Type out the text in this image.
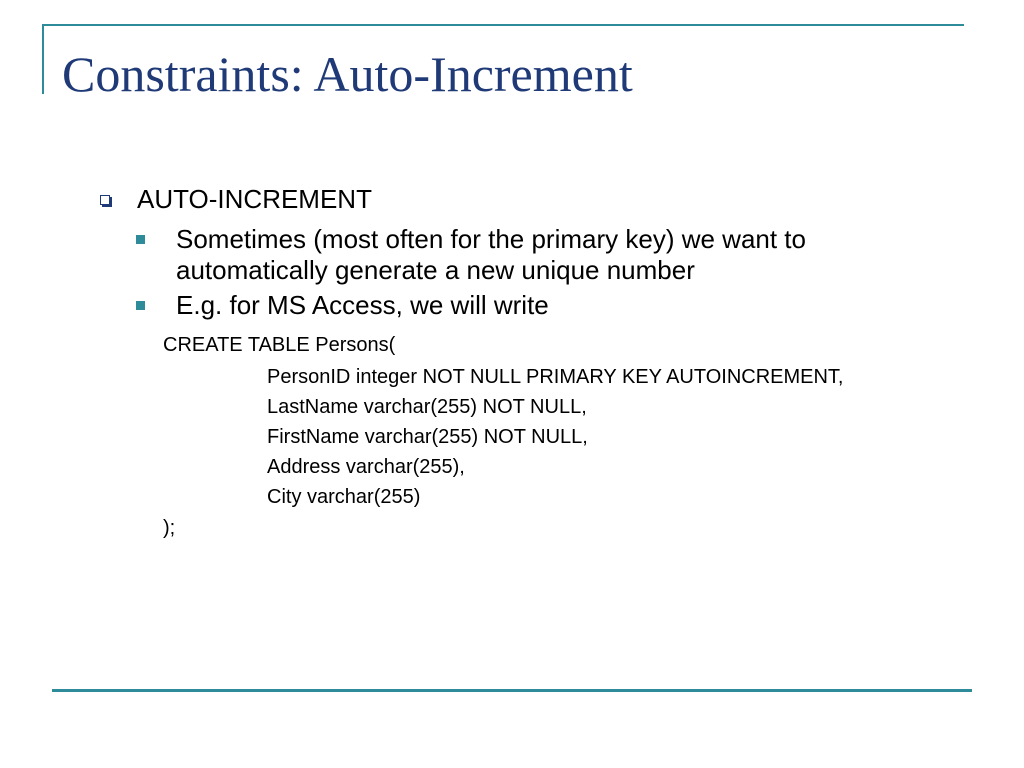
Constraints: Auto-Increment
AUTO-INCREMENT
Sometimes (most often for the primary key) we want to automatically generate a new unique number
E.g. for MS Access, we will write
CREATE TABLE Persons(
PersonID integer NOT NULL PRIMARY KEY AUTOINCREMENT,
LastName varchar(255) NOT NULL,
FirstName varchar(255) NOT NULL,
Address varchar(255),
City varchar(255)
);
